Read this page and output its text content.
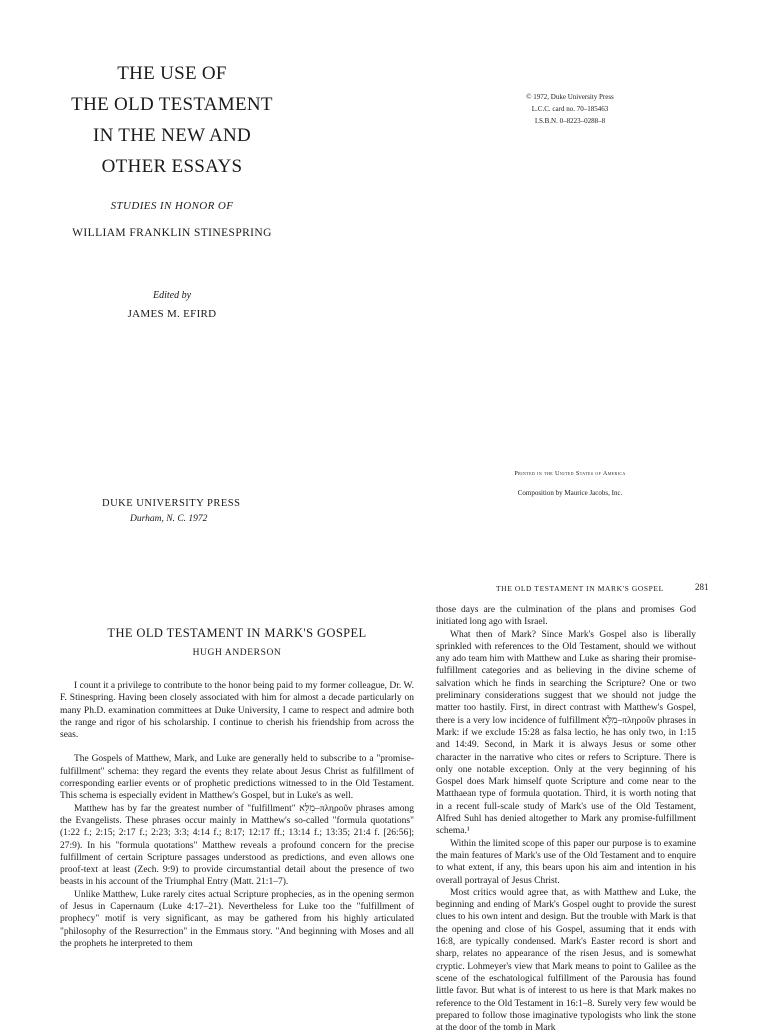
THE USE OF
THE OLD TESTAMENT
IN THE NEW AND
OTHER ESSAYS
STUDIES IN HONOR OF
WILLIAM FRANKLIN STINESPRING
Edited by
JAMES M. EFIRD
DUKE UNIVERSITY PRESS
Durham, N. C. 1972
© 1972, Duke University Press
L.C.C. card no. 70–185463
I.S.B.N. 0–8223–0288–8
Printed in the United States of America
Composition by Maurice Jacobs, Inc.
THE OLD TESTAMENT IN MARK'S GOSPEL	281
THE OLD TESTAMENT IN MARK'S GOSPEL
HUGH ANDERSON

I count it a privilege to contribute to the honor being paid to my former colleague, Dr. W. F. Stinespring. Having been closely associated with him for almost a decade particularly on many Ph.D. examination committees at Duke University, I came to respect and admire both the range and rigor of his scholarship. I continue to cherish his friendship from across the seas.

The Gospels of Matthew, Mark, and Luke are generally held to subscribe to a "promise-fulfillment" schema: they regard the events they relate about Jesus Christ as fulfillment of corresponding earlier events or of prophetic predictions witnessed to in the Old Testament. This schema is especially evident in Matthew's Gospel, but in Luke's as well.

Matthew has by far the greatest number of "fulfillment" מִלֵּא–πληροῦν phrases among the Evangelists. These phrases occur mainly in Matthew's so-called "formula quotations" (1:22 f.; 2:15; 2:17 f.; 2:23; 3:3; 4:14 f.; 8:17; 12:17 ff.; 13:14 f.; 13:35; 21:4 f. [26:56]; 27:9). In his "formula quotations" Matthew reveals a profound concern for the precise fulfillment of certain Scripture passages understood as predictions, and even allows one proof-text at least (Zech. 9:9) to provide circumstantial detail about the presence of two beasts in his account of the Triumphal Entry (Matt. 21:1–7).

Unlike Matthew, Luke rarely cites actual Scripture prophecies, as in the opening sermon of Jesus in Capernaum (Luke 4:17–21). Nevertheless for Luke too the "fulfillment of prophecy" motif is very significant, as may be gathered from his highly articulated "philosophy of the Resurrection" in the Emmaus story. "And beginning with Moses and all the prophets he interpreted to them

those days are the culmination of the plans and promises God initiated long ago with Israel.

What then of Mark? Since Mark's Gospel also is liberally sprinkled with references to the Old Testament, should we without any ado team him with Matthew and Luke as sharing their promise-fulfillment categories and as believing in the divine scheme of salvation which he finds in searching the Scripture? One or two preliminary considerations suggest that we should not judge the matter too hastily. First, in direct contrast with Matthew's Gospel, there is a very low incidence of fulfillment מִלֵּא–πληροῦν phrases in Mark: if we exclude 15:28 as falsa lectio, he has only two, in 1:15 and 14:49. Second, in Mark it is always Jesus or some other character in the narrative who cites or refers to Scripture. There is only one notable exception. Only at the very beginning of his Gospel does Mark himself quote Scripture and come near to the Matthaean type of formula quotation. Third, it is worth noting that in a recent full-scale study of Mark's use of the Old Testament, Alfred Suhl has denied altogether to Mark any promise-fulfillment schema.¹

Within the limited scope of this paper our purpose is to examine the main features of Mark's use of the Old Testament and to enquire to what extent, if any, this bears upon his aim and intention in his overall portrayal of Jesus Christ.

Most critics would agree that, as with Matthew and Luke, the beginning and ending of Mark's Gospel ought to provide the surest clues to his own intent and design. But the trouble with Mark is that the opening and close of his Gospel, assuming that it ends with 16:8, are typically condensed. Mark's Easter record is short and sharp, relates no appearance of the risen Jesus, and is somewhat cryptic. Lohmeyer's view that Mark means to point to Galilee as the scene of the eschatological fulfillment of the Parousia has found little favor. But what is of interest to us here is that Mark makes no reference to the Old Testament in 16:1–8. Surely very few would be prepared to follow those imaginative typologists who link the stone at the door of the tomb in Mark
